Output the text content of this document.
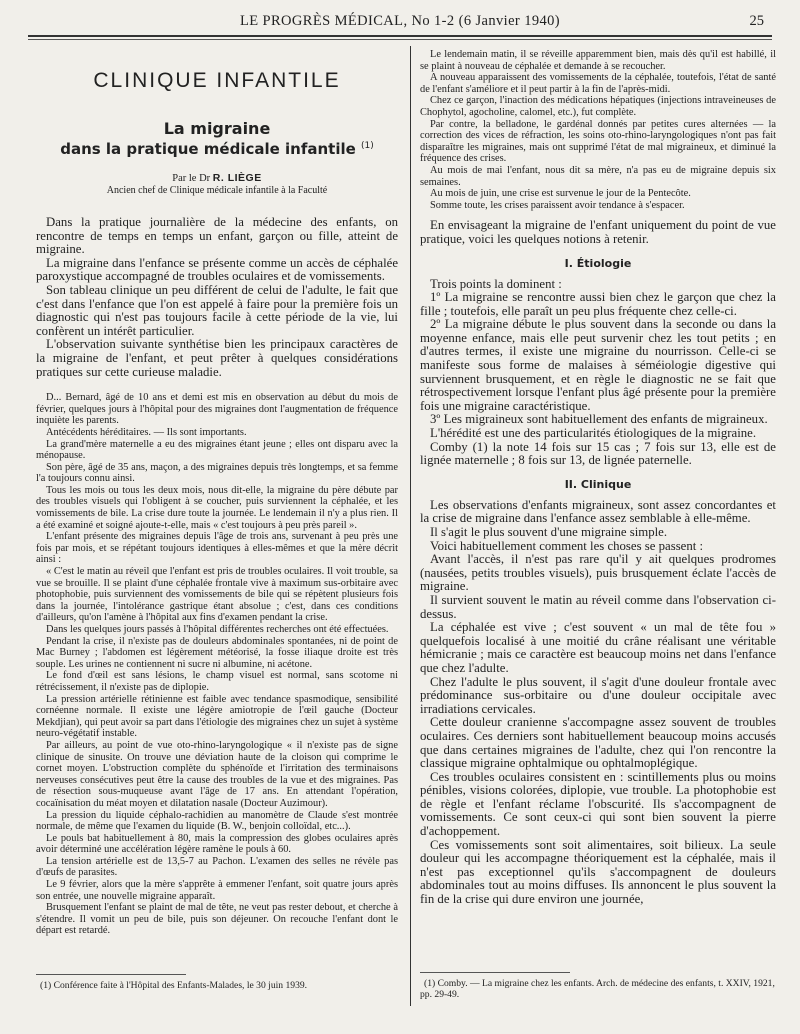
LE PROGRÈS MÉDICAL, No 1-2 (6 Janvier 1940)	25
CLINIQUE INFANTILE
La migraine
dans la pratique médicale infantile $^{(1)}$
Par le Dr R. LIÈGE
Ancien chef de Clinique médicale infantile à la Faculté

Dans la pratique journalière de la médecine des enfants, on rencontre de temps en temps un enfant, garçon ou fille, atteint de migraine.

La migraine dans l'enfance se présente comme un accès de céphalée paroxystique accompagné de troubles oculaires et de vomissements.

Son tableau clinique un peu différent de celui de l'adulte, le fait que c'est dans l'enfance que l'on est appelé à faire pour la première fois un diagnostic qui n'est pas toujours facile à cette période de la vie, lui confèrent un intérêt particulier.

L'observation suivante synthétise bien les principaux caractères de la migraine de l'enfant, et peut prêter à quelques considérations pratiques sur cette curieuse maladie.

D... Bernard, âgé de 10 ans et demi est mis en observation au début du mois de février, quelques jours à l'hôpital pour des migraines dont l'augmentation de fréquence inquiète les parents.

Antécédents héréditaires. — Ils sont importants.

La grand'mère maternelle a eu des migraines étant jeune ; elles ont disparu avec la ménopause.

Son père, âgé de 35 ans, maçon, a des migraines depuis très longtemps, et sa femme l'a toujours connu ainsi.

Tous les mois ou tous les deux mois, nous dit-elle, la migraine du père débute par des troubles visuels qui l'obligent à se coucher, puis surviennent la céphalée, et les vomissements de bile. La crise dure toute la journée. Le lendemain il n'y a plus rien. Il a été examiné et soigné ajoute-t-elle, mais « c'est toujours à peu près pareil ».

L'enfant présente des migraines depuis l'âge de trois ans, survenant à peu près une fois par mois, et se répétant toujours identiques à elles-mêmes et que la mère décrit ainsi :

« C'est le matin au réveil que l'enfant est pris de troubles oculaires. Il voit trouble, sa vue se brouille. Il se plaint d'une céphalée frontale vive à maximum sus-orbitaire avec photophobie, puis surviennent des vomissements de bile qui se répètent plusieurs fois dans la journée, l'intolérance gastrique étant absolue ; c'est, dans ces conditions d'ailleurs, qu'on l'amène à l'hôpital aux fins d'examen pendant la crise.

Dans les quelques jours passés à l'hôpital différentes recherches ont été effectuées.

Pendant la crise, il n'existe pas de douleurs abdominales spontanées, ni de point de Mac Burney ; l'abdomen est légèrement météorisé, la fosse iliaque droite est très souple. Les urines ne contiennent ni sucre ni albumine, ni acétone.

Le fond d'œil est sans lésions, le champ visuel est normal, sans scotome ni rétrécissement, il n'existe pas de diplopie.

La pression artérielle rétinienne est faible avec tendance spasmodique, sensibilité cornéenne normale. Il existe une légère amiotropie de l'œil gauche (Docteur Mekdjian), qui peut avoir sa part dans l'étiologie des migraines chez un sujet à système neuro-végétatif instable.

Par ailleurs, au point de vue oto-rhino-laryngologique « il n'existe pas de signe clinique de sinusite. On trouve une déviation haute de la cloison qui comprime le cornet moyen. L'obstruction complète du sphénoïde et l'irritation des terminaisons nerveuses consécutives peut être la cause des troubles de la vue et des migraines. Pas de résection sous-muqueuse avant l'âge de 17 ans. En attendant l'opération, cocaïnisation du méat moyen et dilatation nasale (Docteur Auzimour).

La pression du liquide céphalo-rachidien au manomètre de Claude s'est montrée normale, de même que l'examen du liquide (B. W., benjoin colloïdal, etc...).

Le pouls bat habituellement à 80, mais la compression des globes oculaires après avoir déterminé une accélération légère ramène le pouls à 60.

La tension artérielle est de 13,5-7 au Pachon. L'examen des selles ne révèle pas d'œufs de parasites.

Le 9 février, alors que la mère s'apprête à emmener l'enfant, soit quatre jours après son entrée, une nouvelle migraine apparaît.

Brusquement l'enfant se plaint de mal de tête, ne veut pas rester debout, et cherche à s'étendre. Il vomit un peu de bile, puis son déjeuner. On recouche l'enfant dont le départ est retardé.

(1) Conférence faite à l'Hôpital des Enfants-Malades, le 30 juin 1939.

Le lendemain matin, il se réveille apparemment bien, mais dès qu'il est habillé, il se plaint à nouveau de céphalée et demande à se recoucher.

A nouveau apparaissent des vomissements de la céphalée, toutefois, l'état de santé de l'enfant s'améliore et il peut partir à la fin de l'après-midi.

Chez ce garçon, l'inaction des médications hépatiques (injections intraveineuses de Chophytol, agocholine, calomel, etc.), fut complète.

Par contre, la belladone, le gardénal donnés par petites cures alternées — la correction des vices de réfraction, les soins oto-rhino-laryngologiques n'ont pas fait disparaître les migraines, mais ont supprimé l'état de mal migraineux, et diminué la fréquence des crises.

Au mois de mai l'enfant, nous dit sa mère, n'a pas eu de migraine depuis six semaines.

Au mois de juin, une crise est survenue le jour de la Pentecôte.

Somme toute, les crises paraissent avoir tendance à s'espacer.

En envisageant la migraine de l'enfant uniquement du point de vue pratique, voici les quelques notions à retenir.

I. Étiologie

Trois points la dominent :

1º La migraine se rencontre aussi bien chez le garçon que chez la fille ; toutefois, elle paraît un peu plus fréquente chez celle-ci.

2º La migraine débute le plus souvent dans la seconde ou dans la moyenne enfance, mais elle peut survenir chez les tout petits ; en d'autres termes, il existe une migraine du nourrisson. Celle-ci se manifeste sous forme de malaises à séméiologie digestive qui surviennent brusquement, et en règle le diagnostic ne se fait que rétrospectivement lorsque l'enfant plus âgé présente pour la première fois une migraine caractéristique.

3º Les migraineux sont habituellement des enfants de migraineux.

L'hérédité est une des particularités étiologiques de la migraine.

Comby (1) la note 14 fois sur 15 cas ; 7 fois sur 13, elle est de lignée maternelle ; 8 fois sur 13, de lignée paternelle.

II. Clinique

Les observations d'enfants migraineux, sont assez concordantes et la crise de migraine dans l'enfance assez semblable à elle-même.

Il s'agit le plus souvent d'une migraine simple.

Voici habituellement comment les choses se passent :

Avant l'accès, il n'est pas rare qu'il y ait quelques prodromes (nausées, petits troubles visuels), puis brusquement éclate l'accès de migraine.

Il survient souvent le matin au réveil comme dans l'observation ci-dessus.

La céphalée est vive ; c'est souvent « un mal de tête fou » quelquefois localisé à une moitié du crâne réalisant une véritable hémicranie ; mais ce caractère est beaucoup moins net dans l'enfance que chez l'adulte.

Chez l'adulte le plus souvent, il s'agit d'une douleur frontale avec prédominance sus-orbitaire ou d'une douleur occipitale avec irradiations cervicales.

Cette douleur cranienne s'accompagne assez souvent de troubles oculaires. Ces derniers sont habituellement beaucoup moins accusés que dans certaines migraines de l'adulte, chez qui l'on rencontre la classique migraine ophtalmique ou ophtalmoplégique.

Ces troubles oculaires consistent en : scintillements plus ou moins pénibles, visions colorées, diplopie, vue trouble. La photophobie est de règle et l'enfant réclame l'obscurité. Ils s'accompagnent de vomissements. Ce sont ceux-ci qui sont bien souvent la pierre d'achoppement.

Ces vomissements sont soit alimentaires, soit bilieux. La seule douleur qui les accompagne théoriquement est la céphalée, mais il n'est pas exceptionnel qu'ils s'accompagnent de douleurs abdominales tout au moins diffuses. Ils annoncent le plus souvent la fin de la crise qui dure environ une journée,

(1) Comby. — La migraine chez les enfants. Arch. de médecine des enfants, t. XXIV, 1921, pp. 29-49.
